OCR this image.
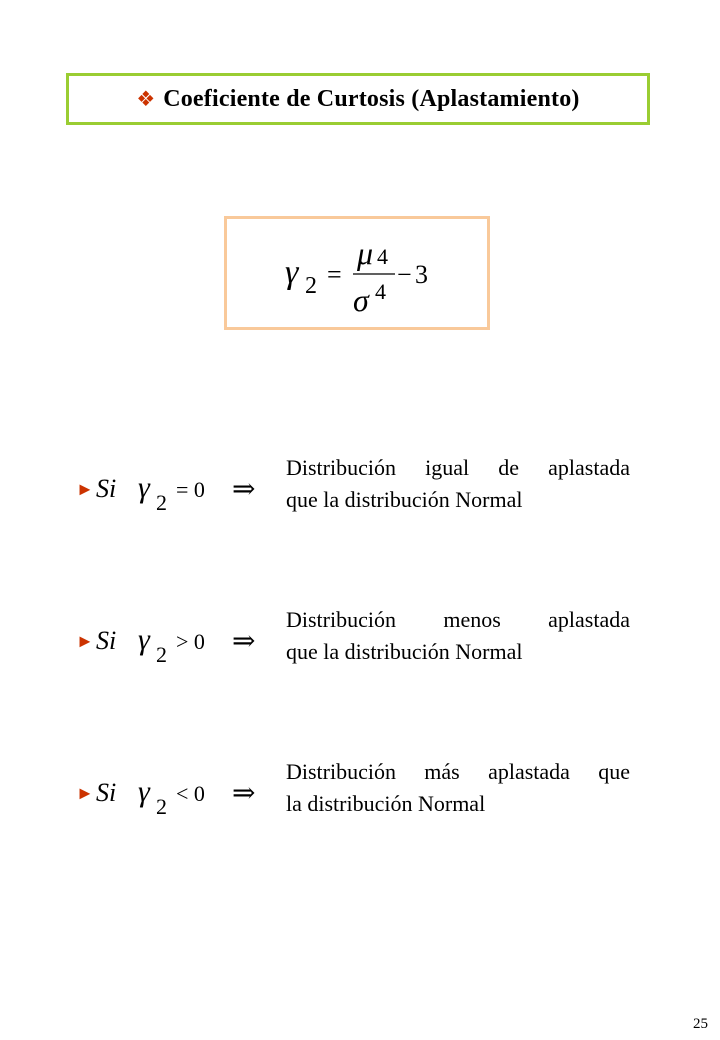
❖ Coeficiente de Curtosis (Aplastamiento)
γ 2 =
μ 4
σ 4
− 3
► Si γ 2
= 0 ⇒
Distribución igual de aplastada
que la distribución Normal
► Si γ 2
> 0 ⇒
Distribución menos aplastada
que la distribución Normal
► Si γ 2
< 0 ⇒
Distribución más aplastada que
la distribución Normal
25
